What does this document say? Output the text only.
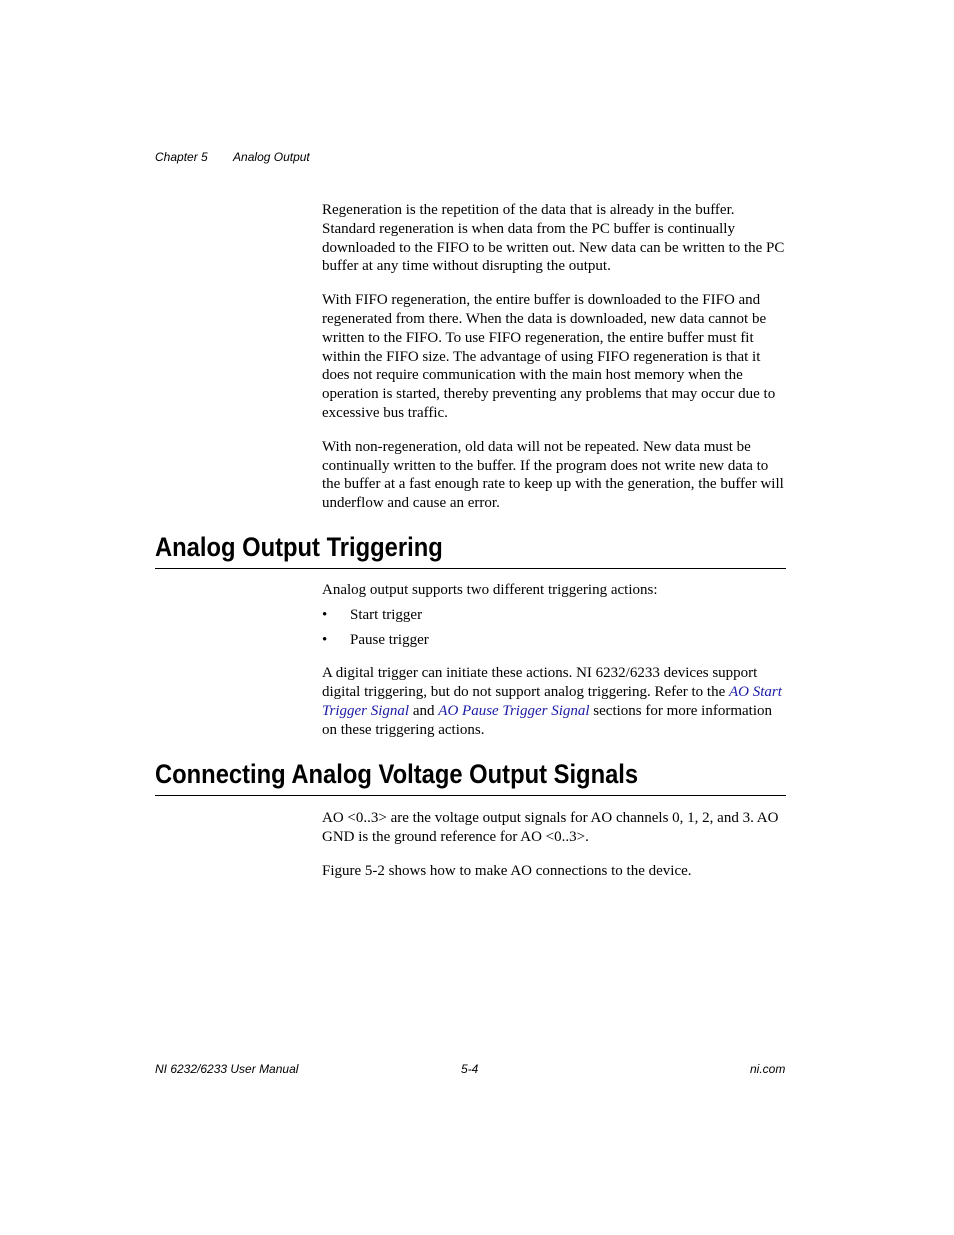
Chapter 5 Analog Output

Regeneration is the repetition of the data that is already in the buffer. Standard regeneration is when data from the PC buffer is continually downloaded to the FIFO to be written out. New data can be written to the PC buffer at any time without disrupting the output.

With FIFO regeneration, the entire buffer is downloaded to the FIFO and regenerated from there. When the data is downloaded, new data cannot be written to the FIFO. To use FIFO regeneration, the entire buffer must fit within the FIFO size. The advantage of using FIFO regeneration is that it does not require communication with the main host memory when the operation is started, thereby preventing any problems that may occur due to excessive bus traffic.

With non-regeneration, old data will not be repeated. New data must be continually written to the buffer. If the program does not write new data to the buffer at a fast enough rate to keep up with the generation, the buffer will underflow and cause an error.

Analog Output Triggering

Analog output supports two different triggering actions:

• Start trigger

• Pause trigger

A digital trigger can initiate these actions. NI 6232/6233 devices support digital triggering, but do not support analog triggering. Refer to the AO Start Trigger Signal and AO Pause Trigger Signal sections for more information on these triggering actions.

Connecting Analog Voltage Output Signals

AO <0..3> are the voltage output signals for AO channels 0, 1, 2, and 3. AO GND is the ground reference for AO <0..3>.

Figure 5-2 shows how to make AO connections to the device.

NI 6232/6233 User Manual	5-4	ni.com
